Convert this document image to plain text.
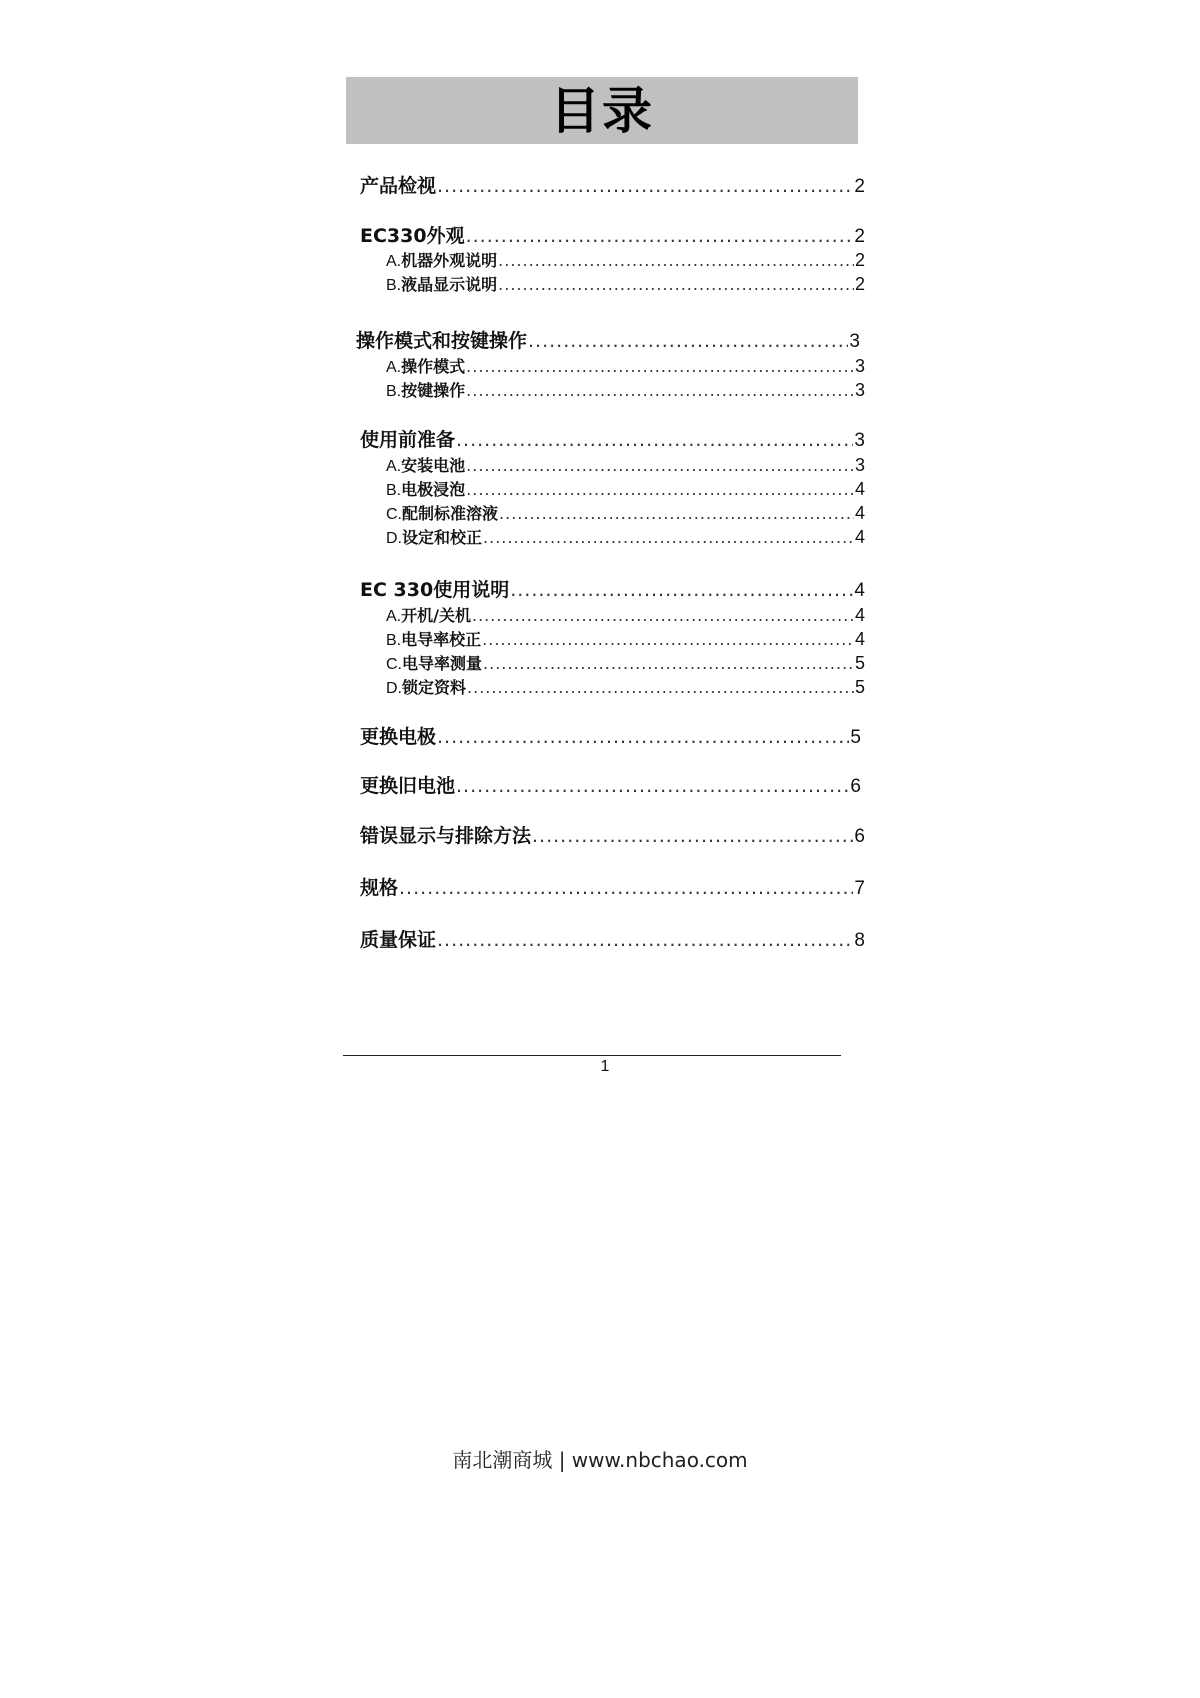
目录
产品检视 .....	2
EC330外观 .....	2
A. 机器外观说明 .....	2
B. 液晶显示说明 .....	2
操作模式和按键操作 .....	3
A. 操作模式 .....	3
B. 按键操作 .....	3
使用前准备 .....	3
A. 安装电池 .....	3
B. 电极浸泡 .....	4
C. 配制标准溶液 .....	4
D. 设定和校正 .....	4
EC 330使用说明 .....	4
A. 开机/关机 .....	4
B. 电导率校正 .....	4
C. 电导率测量 .....	5
D. 锁定资料 .....	5
更换电极 .....	5
更换旧电池 .....	6
错误显示与排除方法 .....	6
规格 .....	7
质量保证 .....	8
1
南北潮商城 | www.nbchao.com
